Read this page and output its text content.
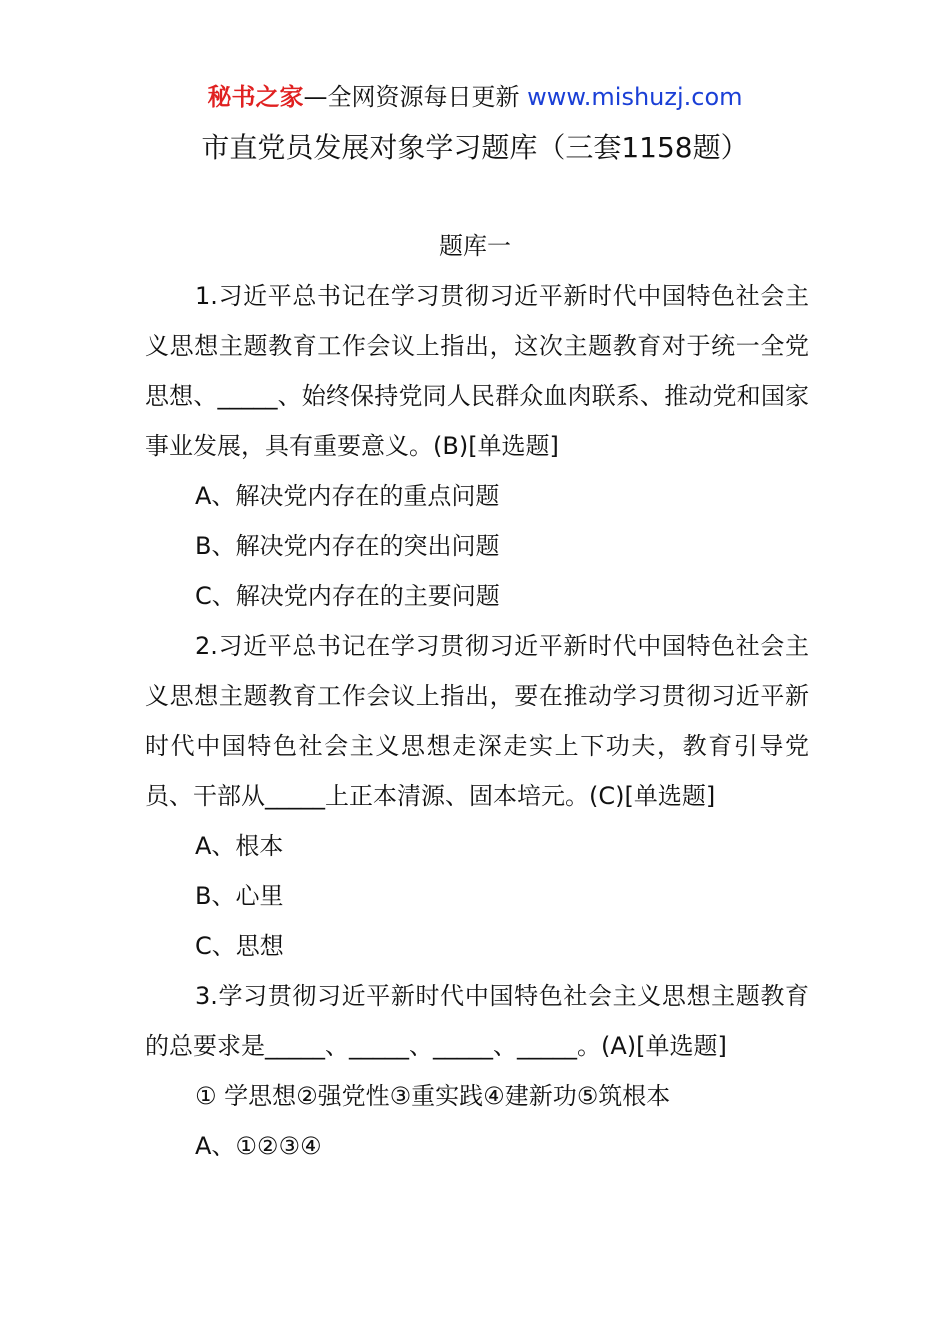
秘书之家—全网资源每日更新 www.mishuzj.com
市直党员发展对象学习题库（三套1158题）
题库一

1.习近平总书记在学习贯彻习近平新时代中国特色社会主义思想主题教育工作会议上指出，这次主题教育对于统一全党思想、_____、始终保持党同人民群众血肉联系、推动党和国家事业发展，具有重要意义。(B)[单选题]

A、解决党内存在的重点问题

B、解决党内存在的突出问题

C、解决党内存在的主要问题

2.习近平总书记在学习贯彻习近平新时代中国特色社会主义思想主题教育工作会议上指出，要在推动学习贯彻习近平新时代中国特色社会主义思想走深走实上下功夫，教育引导党员、干部从_____上正本清源、固本培元。(C)[单选题]

A、根本

B、心里

C、思想

3.学习贯彻习近平新时代中国特色社会主义思想主题教育的总要求是_____、_____、_____、_____。(A)[单选题]

① 学思想②强党性③重实践④建新功⑤筑根本

A、①②③④
